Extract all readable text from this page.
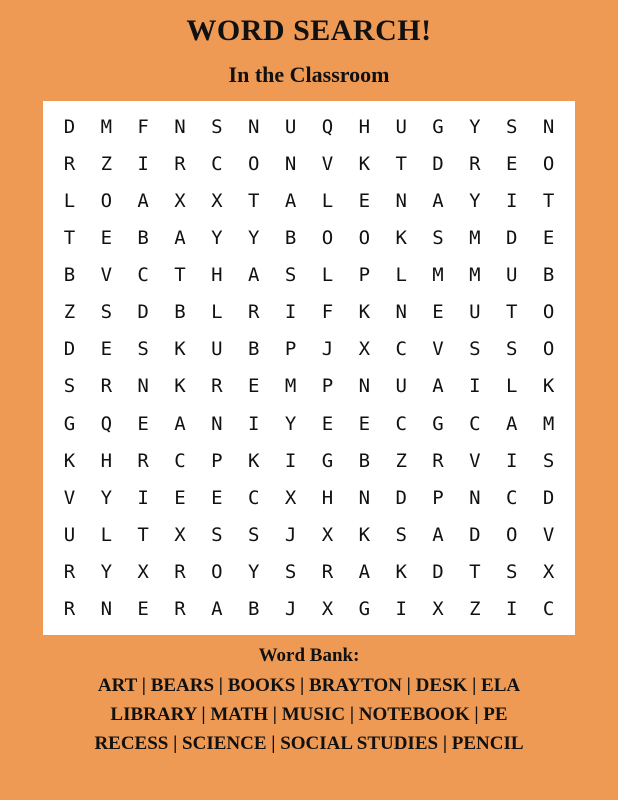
WORD SEARCH!
In the Classroom
D	M	F	N	S	N	U	Q	H	U	G	Y	S	N
R	Z	I	R	C	O	N	V	K	T	D	R	E	O
L	O	A	X	X	T	A	L	E	N	A	Y	I	T
T	E	B	A	Y	Y	B	O	O	K	S	M	D	E
B	V	C	T	H	A	S	L	P	L	M	M	U	B
Z	S	D	B	L	R	I	F	K	N	E	U	T	O
D	E	S	K	U	B	P	J	X	C	V	S	S	O
S	R	N	K	R	E	M	P	N	U	A	I	L	K
G	Q	E	A	N	I	Y	E	E	C	G	C	A	M
K	H	R	C	P	K	I	G	B	Z	R	V	I	S
V	Y	I	E	E	C	X	H	N	D	P	N	C	D
U	L	T	X	S	S	J	X	K	S	A	D	O	V
R	Y	X	R	O	Y	S	R	A	K	D	T	S	X
R	N	E	R	A	B	J	X	G	I	X	Z	I	C
Word Bank:
ART | BEARS | BOOKS | BRAYTON | DESK | ELA
LIBRARY | MATH | MUSIC | NOTEBOOK | PE
RECESS | SCIENCE | SOCIAL STUDIES | PENCIL
